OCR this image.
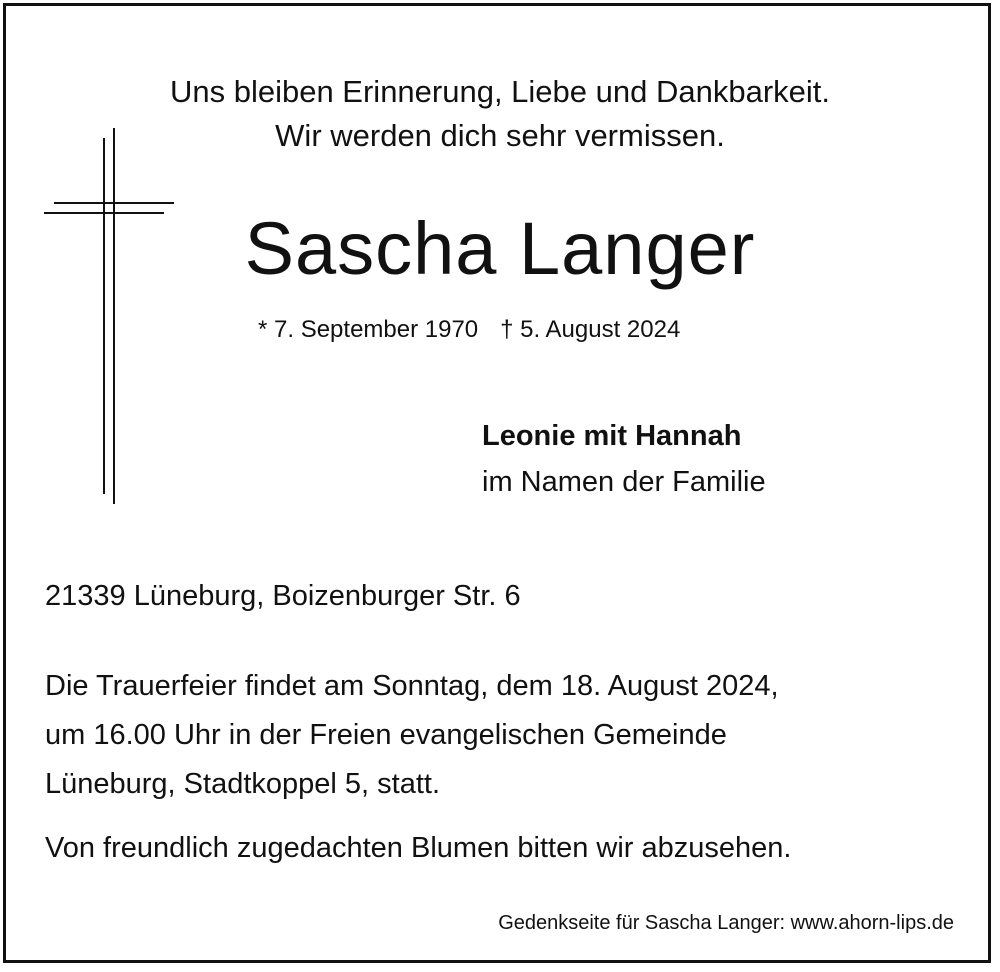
Uns bleiben Erinnerung, Liebe und Dankbarkeit.
Wir werden dich sehr vermissen.
Sascha Langer
* 7. September 1970 † 5. August 2024
Leonie mit Hannah
im Namen der Familie
21339 Lüneburg, Boizenburger Str. 6
Die Trauerfeier findet am Sonntag, dem 18. August 2024,
um 16.00 Uhr in der Freien evangelischen Gemeinde
Lüneburg, Stadtkoppel 5, statt.
Von freundlich zugedachten Blumen bitten wir abzusehen.
Gedenkseite für Sascha Langer: www.ahorn-lips.de
